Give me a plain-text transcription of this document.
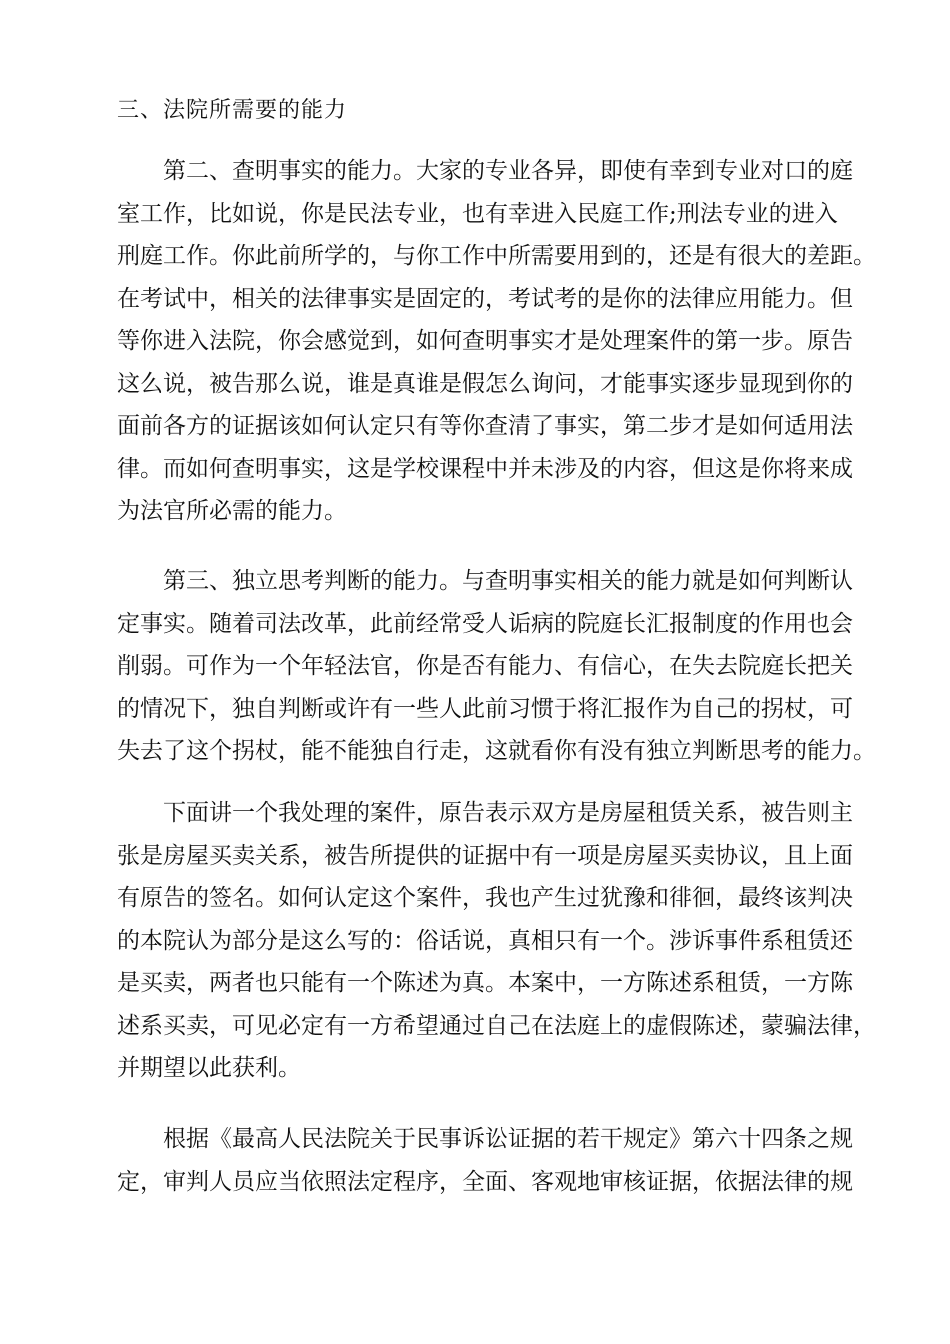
三、法院所需要的能力
第二、查明事实的能力。大家的专业各异，即使有幸到专业对口的庭
室工作，比如说，你是民法专业，也有幸进入民庭工作;刑法专业的进入
刑庭工作。你此前所学的，与你工作中所需要用到的，还是有很大的差距。
在考试中，相关的法律事实是固定的，考试考的是你的法律应用能力。但
等你进入法院，你会感觉到，如何查明事实才是处理案件的第一步。原告
这么说，被告那么说，谁是真谁是假怎么询问，才能事实逐步显现到你的
面前各方的证据该如何认定只有等你查清了事实，第二步才是如何适用法
律。而如何查明事实，这是学校课程中并未涉及的内容，但这是你将来成
为法官所必需的能力。
第三、独立思考判断的能力。与查明事实相关的能力就是如何判断认
定事实。随着司法改革，此前经常受人诟病的院庭长汇报制度的作用也会
削弱。可作为一个年轻法官，你是否有能力、有信心，在失去院庭长把关
的情况下，独自判断或许有一些人此前习惯于将汇报作为自己的拐杖，可
失去了这个拐杖，能不能独自行走，这就看你有没有独立判断思考的能力。
下面讲一个我处理的案件，原告表示双方是房屋租赁关系，被告则主
张是房屋买卖关系，被告所提供的证据中有一项是房屋买卖协议，且上面
有原告的签名。如何认定这个案件，我也产生过犹豫和徘徊，最终该判决
的本院认为部分是这么写的：俗话说，真相只有一个。涉诉事件系租赁还
是买卖，两者也只能有一个陈述为真。本案中，一方陈述系租赁，一方陈
述系买卖，可见必定有一方希望通过自己在法庭上的虚假陈述，蒙骗法律，
并期望以此获利。
根据《最高人民法院关于民事诉讼证据的若干规定》第六十四条之规
定，审判人员应当依照法定程序，全面、客观地审核证据，依据法律的规
